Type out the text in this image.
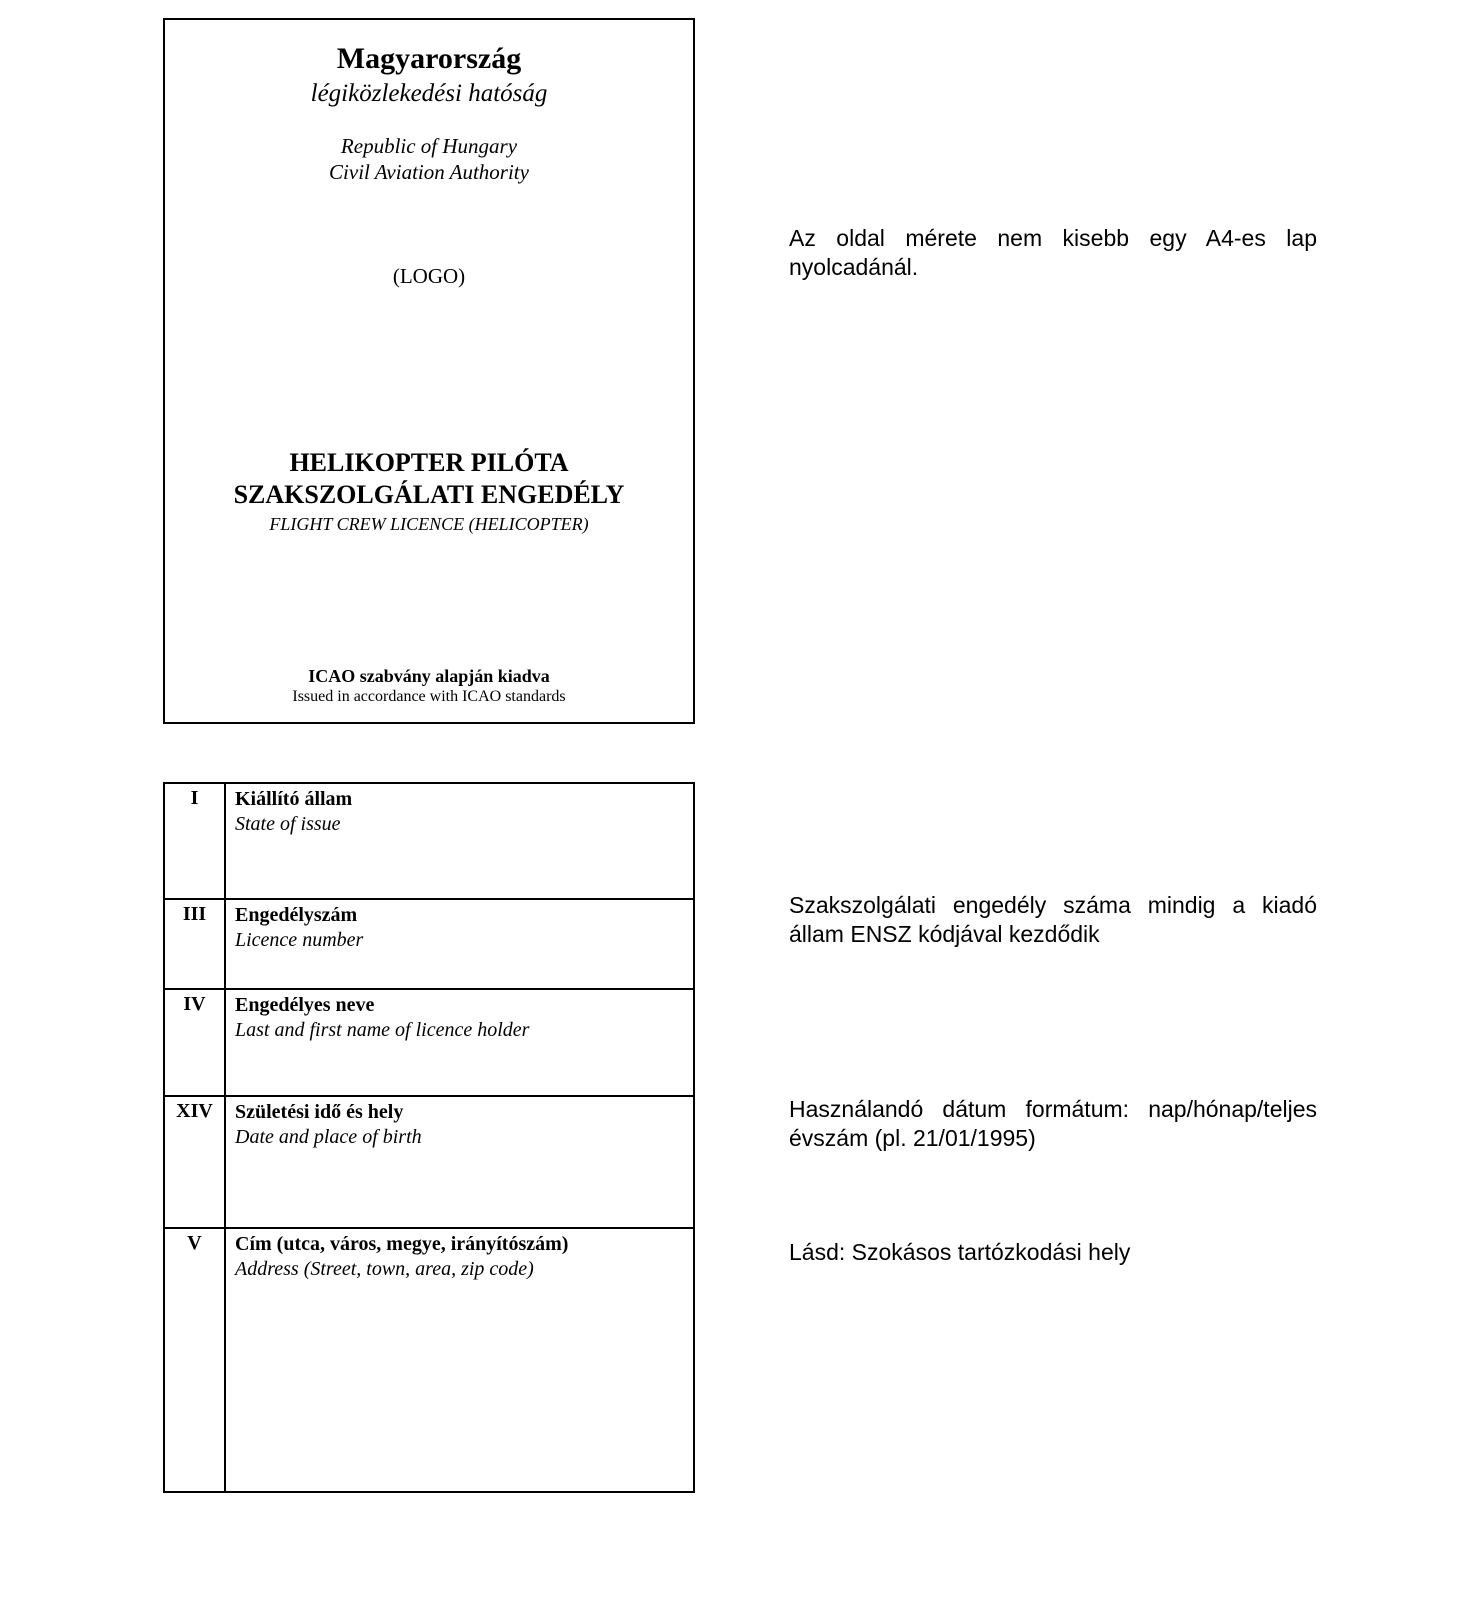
Magyarország
légiközlekedési hatóság
Republic of Hungary
Civil Aviation Authority
(LOGO)
HELIKOPTER PILÓTA
SZAKSZOLGÁLATI ENGEDÉLY
FLIGHT CREW LICENCE (HELICOPTER)
ICAO szabvány alapján kiadva
Issued in accordance with ICAO standards
I	Kiállító állam
State of issue

III	Engedélyszám
Licence number

IV	Engedélyes neve
Last and first name of licence holder

XIV	Születési idő és hely
Date and place of birth

V	Cím (utca, város, megye, irányítószám)
Address (Street, town, area, zip code)
Az oldal mérete nem kisebb egy A4-es lap nyolcadánál.
Szakszolgálati engedély száma mindig a kiadó állam ENSZ kódjával kezdődik
Használandó dátum formátum: nap/hónap/teljes évszám (pl. 21/01/1995)
Lásd: Szokásos tartózkodási hely
